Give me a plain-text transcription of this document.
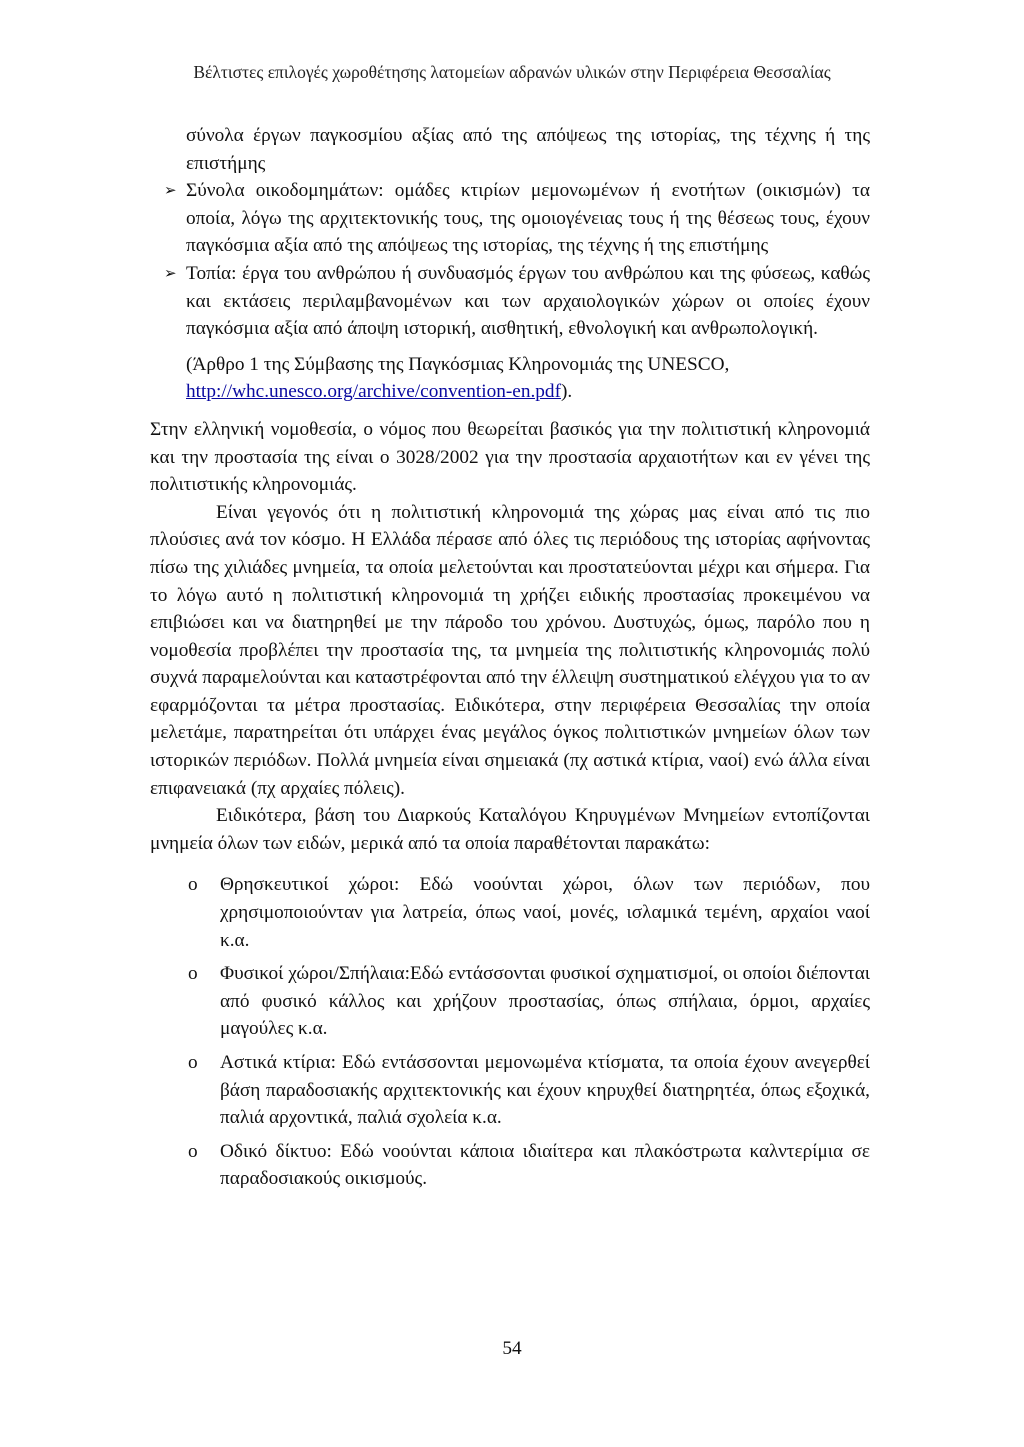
Βέλτιστες επιλογές χωροθέτησης λατομείων αδρανών υλικών στην Περιφέρεια Θεσσαλίας

σύνολα έργων παγκοσμίου αξίας από της απόψεως της ιστορίας, της τέχνης ή της επιστήμης

➢ Σύνολα οικοδομημάτων: ομάδες κτιρίων μεμονωμένων ή ενοτήτων (οικισμών) τα οποία, λόγω της αρχιτεκτονικής τους, της ομοιογένειας τους ή της θέσεως τους, έχουν παγκόσμια αξία από της απόψεως της ιστορίας, της τέχνης ή της επιστήμης
➢ Τοπία: έργα του ανθρώπου ή συνδυασμός έργων του ανθρώπου και της φύσεως, καθώς και εκτάσεις περιλαμβανομένων και των αρχαιολογικών χώρων οι οποίες έχουν παγκόσμια αξία από άποψη ιστορική, αισθητική, εθνολογική και ανθρωπολογική.

(Άρθρο 1 της Σύμβασης της Παγκόσμιας Κληρονομιάς της UNESCO,
http://whc.unesco.org/archive/convention-en.pdf).

Στην ελληνική νομοθεσία, ο νόμος που θεωρείται βασικός για την πολιτιστική κληρονομιά και την προστασία της είναι ο 3028/2002 για την προστασία αρχαιοτήτων και εν γένει της πολιτιστικής κληρονομιάς.

Είναι γεγονός ότι η πολιτιστική κληρονομιά της χώρας μας είναι από τις πιο πλούσιες ανά τον κόσμο. Η Ελλάδα πέρασε από όλες τις περιόδους της ιστορίας αφήνοντας πίσω της χιλιάδες μνημεία, τα οποία μελετούνται και προστατεύονται μέχρι και σήμερα. Για το λόγω αυτό η πολιτιστική κληρονομιά τη χρήζει ειδικής προστασίας προκειμένου να επιβιώσει και να διατηρηθεί με την πάροδο του χρόνου. Δυστυχώς, όμως, παρόλο που η νομοθεσία προβλέπει την προστασία της, τα μνημεία της πολιτιστικής κληρονομιάς πολύ συχνά παραμελούνται και καταστρέφονται από την έλλειψη συστηματικού ελέγχου για το αν εφαρμόζονται τα μέτρα προστασίας. Ειδικότερα, στην περιφέρεια Θεσσαλίας την οποία μελετάμε, παρατηρείται ότι υπάρχει ένας μεγάλος όγκος πολιτιστικών μνημείων όλων των ιστορικών περιόδων. Πολλά μνημεία είναι σημειακά (πχ αστικά κτίρια, ναοί) ενώ άλλα είναι επιφανειακά (πχ αρχαίες πόλεις).

Ειδικότερα, βάση του Διαρκούς Καταλόγου Κηρυγμένων Μνημείων εντοπίζονται μνημεία όλων των ειδών, μερικά από τα οποία παραθέτονται παρακάτω:

o Θρησκευτικοί χώροι: Εδώ νοούνται χώροι, όλων των περιόδων, που χρησιμοποιούνταν για λατρεία, όπως ναοί, μονές, ισλαμικά τεμένη, αρχαίοι ναοί κ.α.
o Φυσικοί χώροι/Σπήλαια:Εδώ εντάσσονται φυσικοί σχηματισμοί, οι οποίοι διέπονται από φυσικό κάλλος και χρήζουν προστασίας, όπως σπήλαια, όρμοι, αρχαίες μαγούλες κ.α.
o Αστικά κτίρια: Εδώ εντάσσονται μεμονωμένα κτίσματα, τα οποία έχουν ανεγερθεί βάση παραδοσιακής αρχιτεκτονικής και έχουν κηρυχθεί διατηρητέα, όπως εξοχικά, παλιά αρχοντικά, παλιά σχολεία κ.α.
o Οδικό δίκτυο: Εδώ νοούνται κάποια ιδιαίτερα και πλακόστρωτα καλντερίμια σε παραδοσιακούς οικισμούς.
54
